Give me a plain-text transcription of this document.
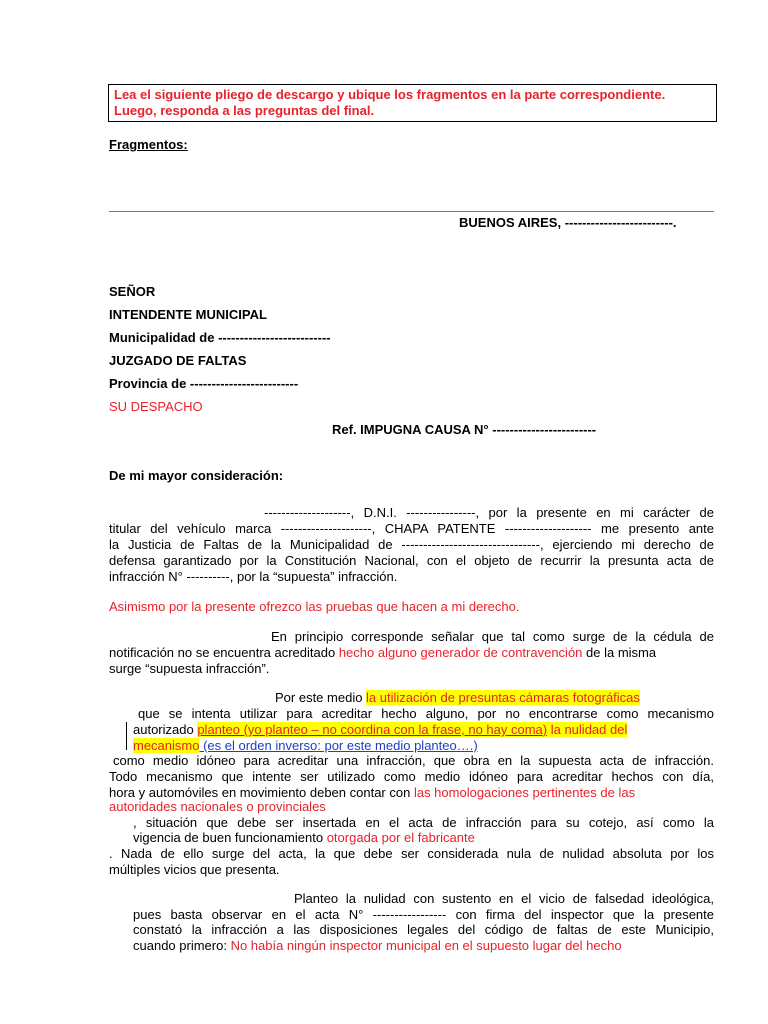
Lea el siguiente pliego de descargo y ubique los fragmentos en la parte correspondiente.
Luego, responda a las preguntas del final.
Fragmentos:
BUENOS AIRES, -------------------------.
SEÑOR
INTENDENTE MUNICIPAL
Municipalidad de --------------------------
JUZGADO DE FALTAS
Provincia de -------------------------
SU DESPACHO
Ref. IMPUGNA CAUSA N° ------------------------
De mi mayor consideración:
--------------------, D.N.I. ----------------, por la presente en mi carácter de
titular del vehículo marca ---------------------, CHAPA PATENTE -------------------- me presento ante
la Justicia de Faltas de la Municipalidad de --------------------------------, ejerciendo mi derecho de
defensa garantizado por la Constitución Nacional, con el objeto de recurrir la presunta acta de
infracción N° ----------, por la “supuesta” infracción.
Asimismo por la presente ofrezco las pruebas que hacen a mi derecho.
En principio corresponde señalar que tal como surge de la cédula de
notificación no se encuentra acreditado hecho alguno generador de contravención de la misma
surge “supuesta infracción”.
Por este medio la utilización de presuntas cámaras fotográficas
que se intenta utilizar para acreditar hecho alguno, por no encontrarse como mecanismo
autorizado planteo (yo planteo – no coordina con la frase, no hay coma) la nulidad del
mecanismo (es el orden inverso: por este medio planteo….)
como medio idóneo para acreditar una infracción, que obra en la supuesta acta de infracción.
Todo mecanismo que intente ser utilizado como medio idóneo para acreditar hechos con día,
hora y automóviles en movimiento deben contar con las homologaciones pertinentes de las
autoridades nacionales o provinciales
, situación que debe ser insertada en el acta de infracción para su cotejo, así como la
vigencia de buen funcionamiento otorgada por el fabricante
. Nada de ello surge del acta, la que debe ser considerada nula de nulidad absoluta por los
múltiples vicios que presenta.
Planteo la nulidad con sustento en el vicio de falsedad ideológica,
pues basta observar en el acta N° ----------------- con firma del inspector que la presente
constató la infracción a las disposiciones legales del código de faltas de este Municipio,
cuando primero: No había ningún inspector municipal en el supuesto lugar del hecho
